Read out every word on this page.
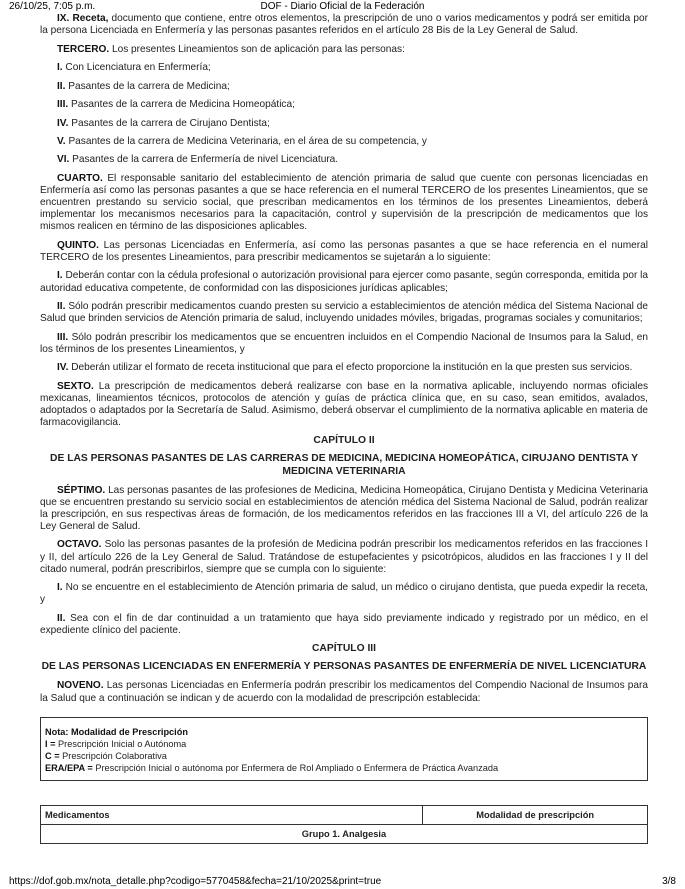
26/10/25, 7:05 p.m.	DOF - Diario Oficial de la Federación

IX. Receta, documento que contiene, entre otros elementos, la prescripción de uno o varios medicamentos y podrá ser emitida por la persona Licenciada en Enfermería y las personas pasantes referidos en el artículo 28 Bis de la Ley General de Salud.

TERCERO. Los presentes Lineamientos son de aplicación para las personas:

I. Con Licenciatura en Enfermería;

II. Pasantes de la carrera de Medicina;

III. Pasantes de la carrera de Medicina Homeopática;

IV. Pasantes de la carrera de Cirujano Dentista;

V. Pasantes de la carrera de Medicina Veterinaria, en el área de su competencia, y

VI. Pasantes de la carrera de Enfermería de nivel Licenciatura.

CUARTO. El responsable sanitario del establecimiento de atención primaria de salud que cuente con personas licenciadas en Enfermería así como las personas pasantes a que se hace referencia en el numeral TERCERO de los presentes Lineamientos, que se encuentren prestando su servicio social, que prescriban medicamentos en los términos de los presentes Lineamientos, deberá implementar los mecanismos necesarios para la capacitación, control y supervisión de la prescripción de medicamentos que los mismos realicen en término de las disposiciones aplicables.

QUINTO. Las personas Licenciadas en Enfermería, así como las personas pasantes a que se hace referencia en el numeral TERCERO de los presentes Lineamientos, para prescribir medicamentos se sujetarán a lo siguiente:

I. Deberán contar con la cédula profesional o autorización provisional para ejercer como pasante, según corresponda, emitida por la autoridad educativa competente, de conformidad con las disposiciones jurídicas aplicables;

II. Sólo podrán prescribir medicamentos cuando presten su servicio a establecimientos de atención médica del Sistema Nacional de Salud que brinden servicios de Atención primaria de salud, incluyendo unidades móviles, brigadas, programas sociales y comunitarios;

III. Sólo podrán prescribir los medicamentos que se encuentren incluidos en el Compendio Nacional de Insumos para la Salud, en los términos de los presentes Lineamientos, y

IV. Deberán utilizar el formato de receta institucional que para el efecto proporcione la institución en la que presten sus servicios.

SEXTO. La prescripción de medicamentos deberá realizarse con base en la normativa aplicable, incluyendo normas oficiales mexicanas, lineamientos técnicos, protocolos de atención y guías de práctica clínica que, en su caso, sean emitidos, avalados, adoptados o adaptados por la Secretaría de Salud. Asimismo, deberá observar el cumplimiento de la normativa aplicable en materia de farmacovigilancia.

CAPÍTULO II
DE LAS PERSONAS PASANTES DE LAS CARRERAS DE MEDICINA, MEDICINA HOMEOPÁTICA, CIRUJANO DENTISTA Y MEDICINA VETERINARIA

SÉPTIMO. Las personas pasantes de las profesiones de Medicina, Medicina Homeopática, Cirujano Dentista y Medicina Veterinaria que se encuentren prestando su servicio social en establecimientos de atención médica del Sistema Nacional de Salud, podrán realizar la prescripción, en sus respectivas áreas de formación, de los medicamentos referidos en las fracciones III a VI, del artículo 226 de la Ley General de Salud.

OCTAVO. Solo las personas pasantes de la profesión de Medicina podrán prescribir los medicamentos referidos en las fracciones I y II, del artículo 226 de la Ley General de Salud. Tratándose de estupefacientes y psicotrópicos, aludidos en las fracciones I y II del citado numeral, podrán prescribirlos, siempre que se cumpla con lo siguiente:

I. No se encuentre en el establecimiento de Atención primaria de salud, un médico o cirujano dentista, que pueda expedir la receta, y

II. Sea con el fin de dar continuidad a un tratamiento que haya sido previamente indicado y registrado por un médico, en el expediente clínico del paciente.

CAPÍTULO III
DE LAS PERSONAS LICENCIADAS EN ENFERMERÍA Y PERSONAS PASANTES DE ENFERMERÍA DE NIVEL LICENCIATURA

NOVENO. Las personas Licenciadas en Enfermería podrán prescribir los medicamentos del Compendio Nacional de Insumos para la Salud que a continuación se indican y de acuerdo con la modalidad de prescripción establecida:

Nota: Modalidad de Prescripción
I = Prescripción Inicial o Autónoma
C = Prescripción Colaborativa
ERA/EPA = Prescripción Inicial o autónoma por Enfermera de Rol Ampliado o Enfermera de Práctica Avanzada
Medicamentos	Modalidad de prescripción
Grupo 1. Analgesia
https://dof.gob.mx/nota_detalle.php?codigo=5770458&fecha=21/10/2025&print=true	3/8
